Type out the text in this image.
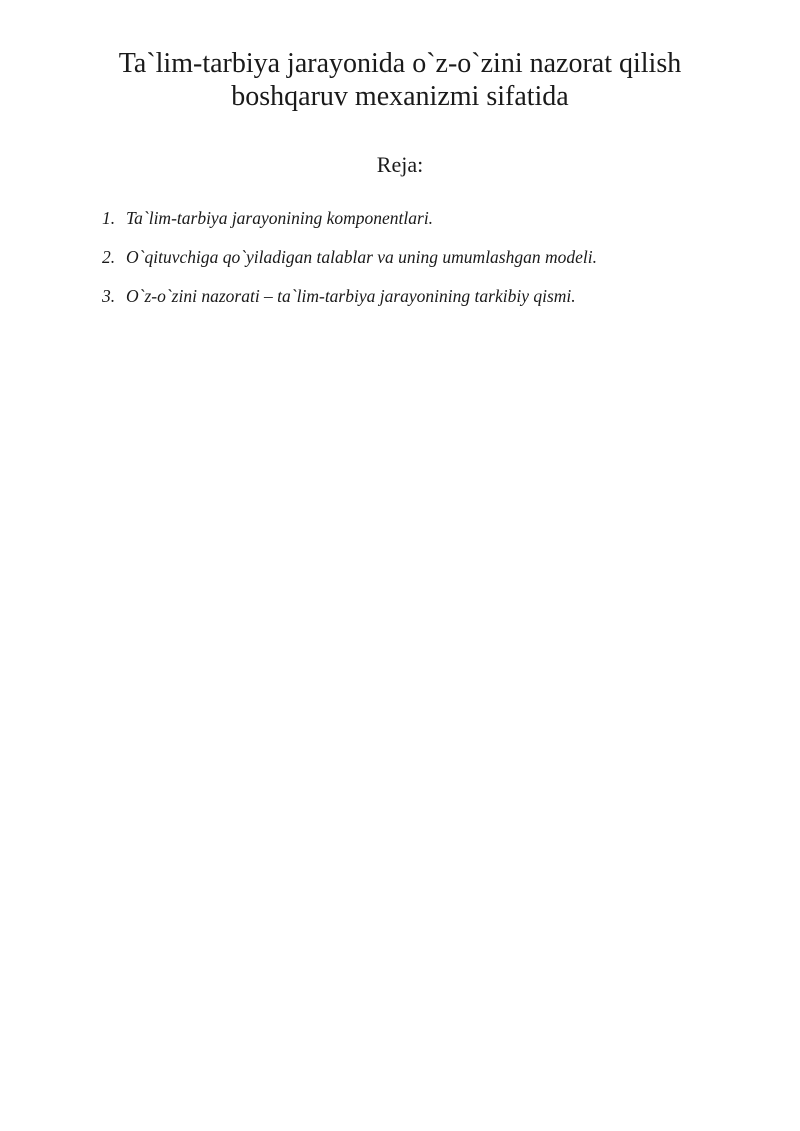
Ta`lim-tarbiya jarayonida o`z-o`zini nazorat qilish
boshqaruv mexanizmi sifatida
Reja:
1. Ta`lim-tarbiya jarayonining komponentlari.
2. O`qituvchiga qo`yiladigan talablar va uning umumlashgan modeli.
3. O`z-o`zini nazorati – ta`lim-tarbiya jarayonining tarkibiy qismi.
